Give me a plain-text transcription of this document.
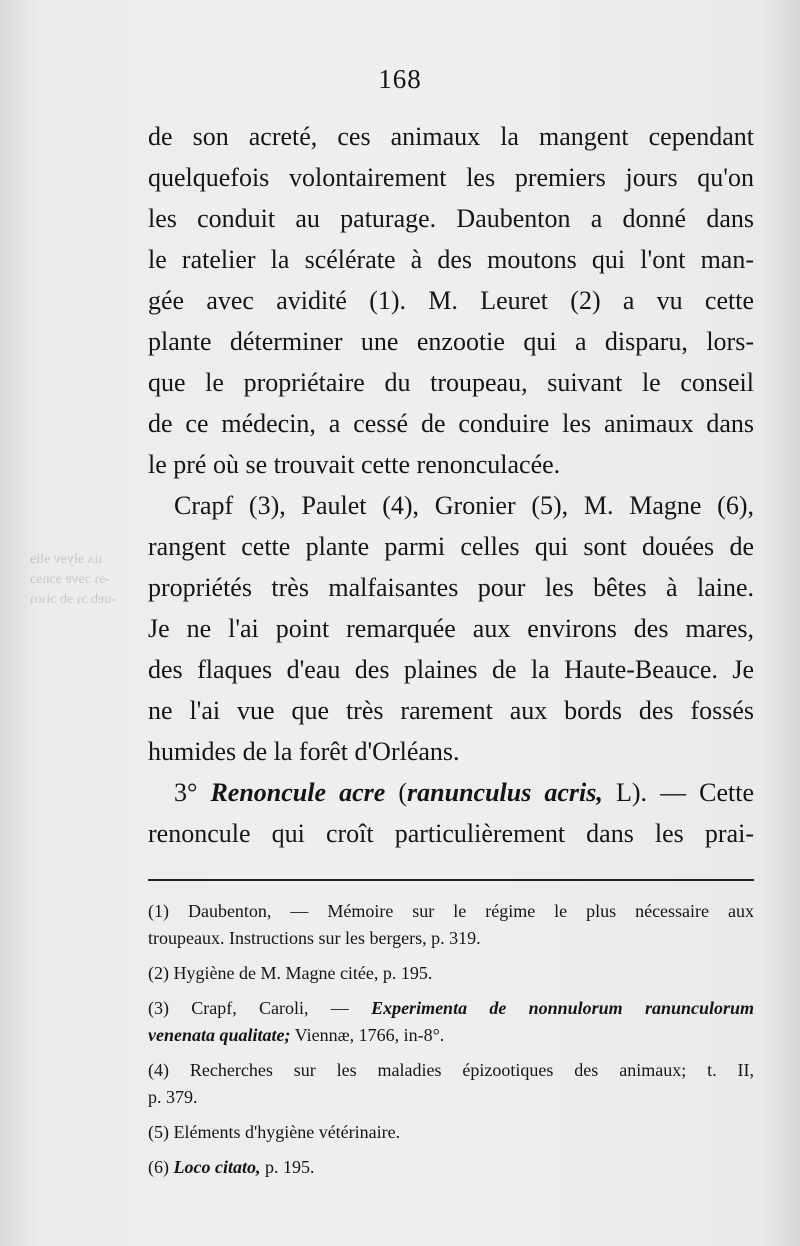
ıiʌ ɘłyɘv ɘllɘ
-ɘɿ ɔɘvɐ ɘɔnɘɔ
-uɐb ɔɿ ɘb ɔiɿoɿ
168
de son acreté, ces animaux la mangent cependant
quelquefois volontairement les premiers jours qu'on
les conduit au paturage. Daubenton a donné dans
le ratelier la scélérate à des moutons qui l'ont man-
gée avec avidité (1). M. Leuret (2) a vu cette
plante déterminer une enzootie qui a disparu, lors-
que le propriétaire du troupeau, suivant le conseil
de ce médecin, a cessé de conduire les animaux dans
le pré où se trouvait cette renonculacée.
Crapf (3), Paulet (4), Gronier (5), M. Magne (6),
rangent cette plante parmi celles qui sont douées de
propriétés très malfaisantes pour les bêtes à laine.
Je ne l'ai point remarquée aux environs des mares,
des flaques d'eau des plaines de la Haute-Beauce. Je
ne l'ai vue que très rarement aux bords des fossés
humides de la forêt d'Orléans.
3° Renoncule acre (ranunculus acris, L). — Cette
renoncule qui croît particulièrement dans les prai-
(1) Daubenton, — Mémoire sur le régime le plus nécessaire aux
troupeaux. Instructions sur les bergers, p. 319.
(2) Hygiène de M. Magne citée, p. 195.
(3) Crapf, Caroli, — Experimenta de nonnulorum ranunculorum
venenata qualitate; Viennæ, 1766, in-8°.
(4) Recherches sur les maladies épizootiques des animaux; t. II,
p. 379.
(5) Eléments d'hygiène vétérinaire.
(6) Loco citato, p. 195.
